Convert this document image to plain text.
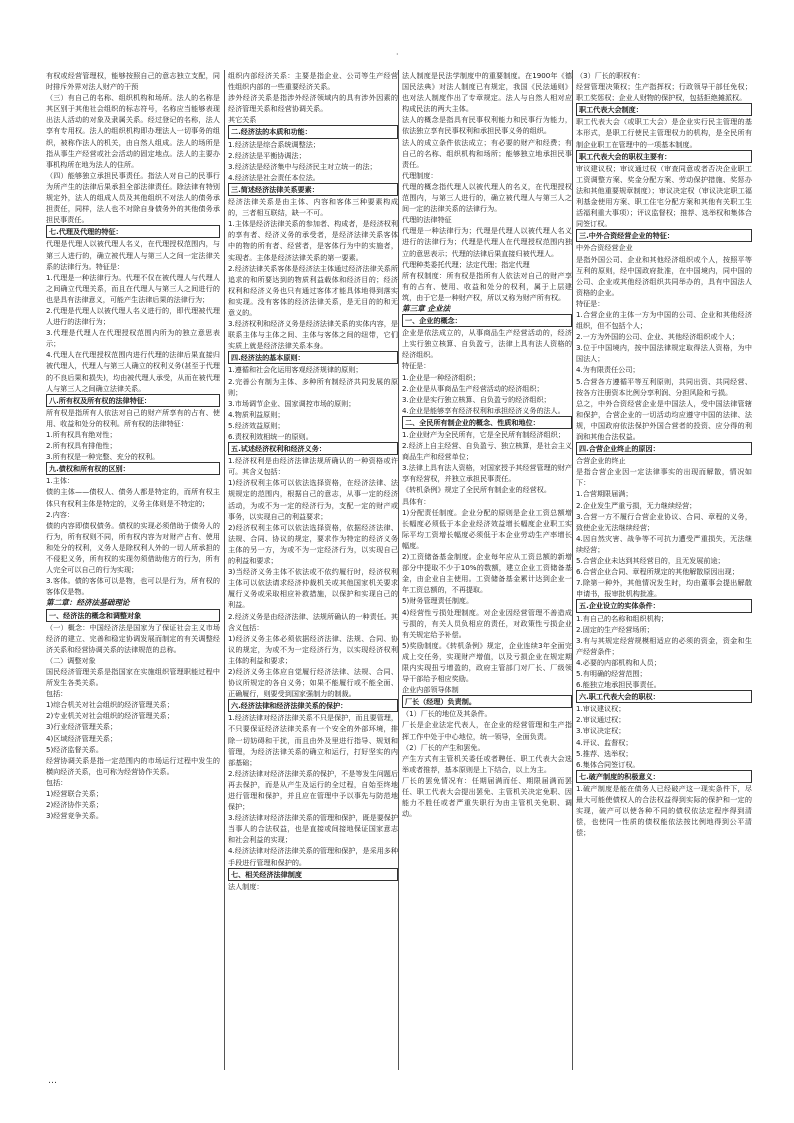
·

有权或经营管理权，能够按照自己的意志独立支配，同时排斥外界对法人财产的干预

（三）有自己的名称、组织机构和场所。法人的名称是其区别于其他社会组织的标志符号，名称应当能够表现出法人活动的对象及隶属关系。经过登记的名称，法人享有专用权。法人的组织机构即办理法人一切事务的组织，被称作法人的机关，由自然人组成。法人的场所是指从事生产经营或社会活动的固定地点。法人的主要办事机构所在地为法人的住所。

（四）能够独立承担民事责任。指法人对自己的民事行为所产生的法律后果承担全部法律责任。除法律有特别规定外，法人的组成人员及其他组织不对法人的债务承担责任，同样，法人也不对除自身债务外的其他债务承担民事责任。

七.代理及代理的特征：

代理是代理人以被代理人名义，在代理授权范围内，与第三人进行的，确立被代理人与第三人之间一定法律关系的法律行为。特征是：

1.代理是一种法律行为。代理不仅在被代理人与代理人之间确立代理关系，而且在代理人与第三人之间进行的也是具有法律意义，可能产生法律后果的法律行为；

2.代理是代理人以被代理人名义进行的，即代理被代理人进行的法律行为；

3.代理是代理人在代理授权范围内所为的独立意思表示；

4.代理人在代理授权范围内进行代理的法律后果直接归被代理人，代理人与第三人确立的权利义务(甚至于代理的不良后果和损失)，均由被代理人承受，从而在被代理人与第三人之间确立法律关系。

八.所有权及所有权的法律特征：

所有权是指所有人依法对自己的财产所享有的占有、使用、收益和处分的权利。所有权的法律特征：

1.所有权具有绝对性；

2.所有权具有排他性；

3.所有权是一种完整、充分的权利。

九.债权和所有权的区别：

1.主体：

债的主体——债权人、债务人都是特定的，而所有权主体只有权利主体是特定的，义务主体则是不特定的；

2.内容：

债的内容即债权债务。债权的实现必须借助于债务人的行为，所有权则不同，所有权内容为对财产占有、使用和处分的权利，义务人是除权利人外的一切人所承担的不侵犯义务，所有权的实现勿须借助他方的行为，所有人完全可以自己的行为实现；

3.客体。债的客体可以是物，也可以是行为，所有权的客体仅是物。

第二章：经济法基础理论

一、经济法的概念和调整对象

（一）概念：中国经济法是国家为了保证社会主义市场经济的建立、完善和稳定协调发展而制定的有关调整经济关系和经营协调关系的法律规范的总称。

（二）调整对象

国民经济管理关系是指国家在实施组织管理职能过程中所发生各类关系。

包括：

1)综合机关对社会组织的经济管理关系；

2)专业机关对社会组织的经济管理关系；

3)行业经济管理关系；

4)区域经济管理关系；

5)经济监督关系。

经营协调关系是指一定范围内的市场运行过程中发生的横向经济关系，也可称为经营协作关系。

包括：

1)经营联合关系；

2)经济协作关系；

3)经营竞争关系。

组织内部经济关系：主要是指企业、公司等生产经营性组织内部的一些重要经济关系。

涉外经济关系是指涉外经济领域内的具有涉外因素的经济管理关系和经营协调关系。

其它关系

二.经济法的本质和功能：

1.经济法是综合系统调整法；

2.经济法是平衡协调法；

3.经济法是经济集中与经济民主对立统一的法；

4.经济法是社会责任本位法。

三.简述经济法律关系要素：

经济法律关系是由主体、内容和客体三种要素构成的，三者相互联结，缺一不可。

1.主体是经济法律关系的参加者、构成者，是经济权利的享有者、经济义务的承受者，是经济法律关系客体中的物的所有者、经营者，是客体行为中的实施者，实现者。主体是经济法律关系的第一要素。

2.经济法律关系客体是经济法主体通过经济法律关系所追求的和所要达到的物质利益载体和经济目的；经济权利和经济义务也只有通过客体才能具体地得到落实和实现。没有客体的经济法律关系，是无目的的和无意义的。

3.经济权利和经济义务是经济法律关系的实体内容，是联系主体与主体之间、主体与客体之间的纽带，它们实质上就是经济法律关系本身。

四.经济法的基本原则：

1.遵循和社会化运用客观经济规律的原则；

2.完善公有制为主体、多种所有制经济共同发展的原则；

3.市场调节企业、国家调控市场的原则；

4.物质利益原则；

5.经济效益原则；

6.责权利效相统一的原则。

五.试述经济权利和经济义务：

1.经济权利是由经济法律法规所确认的一种资格或许可。其含义包括：

1)经济权利主体可以依法选择资格，在经济法律、法规规定的范围内，根据自己的意志，从事一定的经济活动，为或不为一定的经济行为，支配一定的财产或事务，以实现自己的利益要求；

2)经济权利主体可以依法选择资格，依据经济法律、法规、合同、协议的规定，要求作为特定的经济义务主体的另一方，为或不为一定经济行为，以实现自己的利益和要求；

3)当经济义务主体不依法或不依约履行时，经济权利主体可以依法请求经济仲裁机关或其他国家机关要求履行义务或采取相应补救措施，以保护和实现自己的利益。

2.经济义务是由经济法律、法规所确认的一种责任。其含义包括：

1)经济义务主体必须依据经济法律、法规、合同、协议的规定，为或不为一定经济行为，以实现经济权利主体的利益和要求；

2)经济义务主体应自觉履行经济法律、法规、合同、协议所规定的各自义务；如果不能履行或不能全面、正确履行，则要受到国家强制力的制裁。

六.经济法律和经济法律关系的保护：

1.经济法律对经济法律关系不只是保护，而且要管理，不只要保证经济法律关系有一个安全的外部环境，排除一切妨碍和干扰，而且由外及里进行指导、规划和管理，为经济法律关系的确立和运行，打好坚实的内部基础；

2.经济法律对经济法律关系的保护，不是等发生问题后再去保护，而是从产生及运行的全过程，自始至终地进行管理和保护，并且应在管理中予以事先与防范地保护；

3.经济法律对经济法律关系的管理和保护，既是要保护当事人的合法权益，也是直接或间接地保证国家意志和社会利益的实现；

4.经济法律对经济法律关系的管理和保护，是采用多种手段进行管理和保护的。

七、相关经济法律制度

法人制度：

法人制度是民法学制度中的重要制度。在1900年《德国民法典》对法人制度已有规定，我国《民法通则》也对法人制度作出了专章规定。法人与自然人相对应构成民法的两大主体。

法人的概念是指具有民事权利能力和民事行为能力，依法独立享有民事权利和承担民事义务的组织。

法人的成立条件依法成立；有必要的财产和经费；有自己的名称、组织机构和场所；能够独立地承担民事责任。

代理制度：

代理的概念指代理人以被代理人的名义，在代理授权范围内，与第三人进行的，确立被代理人与第三人之间一定的法律关系的法律行为。

代理的法律特征

代理是一种法律行为；代理是代理人以被代理人名义进行的法律行为；代理是代理人在代理授权范围内独立的意思表示；代理的法律后果直接归被代理人。

代理种类委托代理；法定代理；指定代理

所有权制度：所有权是指所有人依法对自己的财产享有的占有、使用、收益和处分的权利，属于上层建筑，由于它是一种财产权，所以又称为财产所有权。

第三章 企业法

一、企业的概念：

企业是依法成立的，从事商品生产经营活动的，经济上实行独立核算、自负盈亏，法律上具有法人资格的经济组织。

特征是：

1.企业是一种经济组织；

2.企业是从事商品生产经营活动的经济组织；

3.企业是实行独立核算、自负盈亏的经济组织；

4.企业是能够享有经济权利和承担经济义务的法人。

二、全民所有制企业的概念、性质和地位：

1.企业财产为全民所有，它是全民所有制经济组织；

2.经济上自主经营、自负盈亏、独立核算，是社会主义商品生产和经营单位；

3.法律上具有法人资格，对国家授予其经营管理的财产享有经营权，并独立承担民事责任。

《转机条例》规定了全民所有制企业的经营权。

具体有：

1)分配责任制度。企业分配的原则是企业工资总额增长幅度必须低于本企业经济效益增长幅度企业职工实际平均工资增长幅度必须低于本企业劳动生产率增长幅度。

2)工资储备基金制度。企业每年应从工资总额的新增部分中提取不少于10%的数额，建立企业工资储备基金，由企业自主使用。工资储备基金累计达到企业一年工资总额的，不再提取。

5)财务管理责任制度。

4)经营性亏损处理制度。对企业因经营管理不善造成亏损的，有关人员负相应的责任，对政策性亏损企业有关规定给予补偿。

5)奖励制度。《转机条例》规定，企业连续3年全面完成上交任务，实现财产增值，以及亏损企业在规定期限内实现扭亏增盈的，政府主管部门对厂长、厂级领导干部给予相应奖励。

企业内部领导体制

厂长（经理）负责制。

（1）厂长的地位及其条件。

厂长是企业法定代表人，在企业的经营管理和生产指挥工作中处于中心地位，统一领导，全面负责。

（2）厂长的产生和罢免。

产生方式有主管机关委任或者聘任、职工代表大会选举或者推荐，基本原则是上下结合，以上为主。

厂长的罢免情况有：任期届满而任、期限届满而罢任、职工代表大会提出罢免、主管机关决定免职、因能力不胜任或者严重失职行为由主管机关免职、调动。

（3）厂长的职权有：

经营管理决策权；生产指挥权；行政领导干部任免权；职工奖惩权；企业人财物的保护权，包括拒绝摊派权。

职工代表大会制度：

职工代表大会（或职工大会）是企业实行民主管理的基本形式，是职工行使民主管理权力的机构，是全民所有制企业职工在管理中的一项基本制度。

职工代表大会的职权主要有：

审议建议权；审议通过权（审查同意或者否决企业职工工资调整方案、奖金分配方案、劳动保护措施、奖惩办法和其他重要规章制度）；审议决定权（审议决定职工福利基金使用方案、职工住宅分配方案和其他有关职工生活福利重大事项）；评议监督权；推荐、选举权和集体合同签订权。

三.中外合资经营企业的特征：

中外合资经营企业

是指外国公司、企业和其他经济组织或个人，按照平等互利的原则，经中国政府批准，在中国境内，同中国的公司、企业或其他经济组织共同举办的，具有中国法人资格的企业。

特征是：

1.合营企业的主体一方为中国的公司、企业和其他经济组织，但不包括个人；

2.一方为外国的公司、企业、其他经济组织或个人；

3.位于中国境内，按中国法律规定取得法人资格，为中国法人；

4.为有限责任公司；

5.合营各方遵循平等互利原则，共同出资、共同经营、按各方注册资本比例分享利润、分担风险和亏损。

总之，中外合资经营企业是中国法人，受中国法律管辖和保护，合营企业的一切活动均应遵守中国的法律、法规，中国政府依法保护外国合营者的投资、应分得的利润和其他合法权益。

四.合营企业终止的原因：

合营企业的终止

是指合营企业因一定法律事实的出现而解散，情况如下：

1.合营期限届满；

2.企业发生严重亏损，无力继续经营；

3.合营一方不履行合营企业协议、合同、章程的义务，致使企业无法继续经营；

4.因自然灾害、战争等不可抗力遭受严重损失，无法继续经营；

5.合营企业未达到其经营目的，且无发展前途；

6.合营企业合同、章程所规定的其他解散原因出现；

7.除第一种外，其他情况发生时，均由董事会提出解散申请书，报审批机构批准。

五.企业设立的实体条件：

1.有自己的名称和组织机构；

2.固定的生产经营场所；

3.有与其规定经营规模相适应的必须的资金，资金和生产经营条件；

4.必要的内部机构和人员；

5.有明确的经营范围；

6.能独立地承担民事责任。

六.职工代表大会的职权：

1.审议建议权；

2.审议通过权；

3.审议决定权；

4.评议、监督权；

5.推荐、选举权；

6.集体合同签订权。

七.破产制度的积极意义：

1.破产制度是能在债务人已经破产这一现实条件下，尽最大可能使债权人的合法权益得到实际的保护和一定的实现，破产可以使各种不同的债权依法定程序得到清偿，也使同一性质的债权能依法按比例地得到公平清偿；

…
